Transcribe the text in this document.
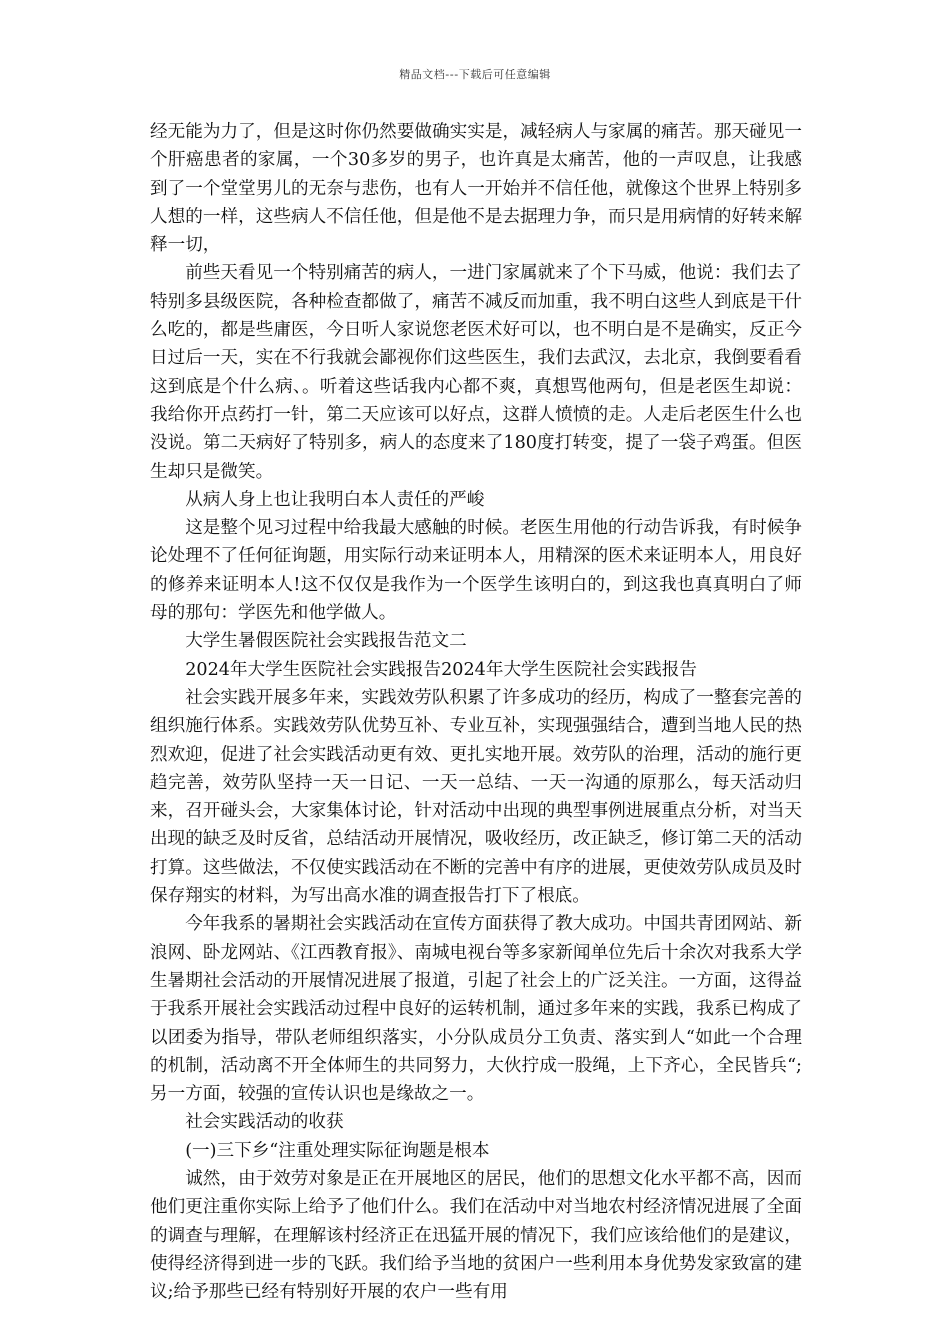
精品文档---下载后可任意编辑

经无能为力了，但是这时你仍然要做确实实是，减轻病人与家属的痛苦。那天碰见一个肝癌患者的家属，一个30多岁的男子，也许真是太痛苦，他的一声叹息，让我感到了一个堂堂男儿的无奈与悲伤，也有人一开始并不信任他，就像这个世界上特别多人想的一样，这些病人不信任他，但是他不是去据理力争，而只是用病情的好转来解释一切，

前些天看见一个特别痛苦的病人，一进门家属就来了个下马威，他说：我们去了特别多县级医院，各种检查都做了，痛苦不减反而加重，我不明白这些人到底是干什么吃的，都是些庸医，今日听人家说您老医术好可以，也不明白是不是确实，反正今日过后一天，实在不行我就会鄙视你们这些医生，我们去武汉，去北京，我倒要看看这到底是个什么病、。听着这些话我内心都不爽，真想骂他两句，但是老医生却说：我给你开点药打一针，第二天应该可以好点，这群人愤愤的走。人走后老医生什么也没说。第二天病好了特别多，病人的态度来了180度打转变，提了一袋子鸡蛋。但医生却只是微笑。

从病人身上也让我明白本人责任的严峻

这是整个见习过程中给我最大感触的时候。老医生用他的行动告诉我，有时候争论处理不了任何征询题，用实际行动来证明本人，用精深的医术来证明本人，用良好的修养来证明本人!这不仅仅是我作为一个医学生该明白的，到这我也真真明白了师母的那句：学医先和他学做人。

大学生暑假医院社会实践报告范文二

2024年大学生医院社会实践报告2024年大学生医院社会实践报告

社会实践开展多年来，实践效劳队积累了许多成功的经历，构成了一整套完善的组织施行体系。实践效劳队优势互补、专业互补，实现强强结合，遭到当地人民的热烈欢迎，促进了社会实践活动更有效、更扎实地开展。效劳队的治理，活动的施行更趋完善，效劳队坚持一天一日记、一天一总结、一天一沟通的原那么，每天活动归来，召开碰头会，大家集体讨论，针对活动中出现的典型事例进展重点分析，对当天出现的缺乏及时反省，总结活动开展情况，吸收经历，改正缺乏，修订第二天的活动打算。这些做法，不仅使实践活动在不断的完善中有序的进展，更使效劳队成员及时保存翔实的材料，为写出高水准的调查报告打下了根底。

今年我系的暑期社会实践活动在宣传方面获得了教大成功。中国共青团网站、新浪网、卧龙网站、《江西教育报》、南城电视台等多家新闻单位先后十余次对我系大学生暑期社会活动的开展情况进展了报道，引起了社会上的广泛关注。一方面，这得益于我系开展社会实践活动过程中良好的运转机制，通过多年来的实践，我系已构成了以团委为指导，带队老师组织落实，小分队成员分工负责、落实到人“如此一个合理的机制，活动离不开全体师生的共同努力，大伙拧成一股绳，上下齐心，全民皆兵“;另一方面，较强的宣传认识也是缘故之一。

社会实践活动的收获

(一)三下乡“注重处理实际征询题是根本

诚然，由于效劳对象是正在开展地区的居民，他们的思想文化水平都不高，因而他们更注重你实际上给予了他们什么。我们在活动中对当地农村经济情况进展了全面的调查与理解，在理解该村经济正在迅猛开展的情况下，我们应该给他们的是建议，使得经济得到进一步的飞跃。我们给予当地的贫困户一些利用本身优势发家致富的建议;给予那些已经有特别好开展的农户一些有用
